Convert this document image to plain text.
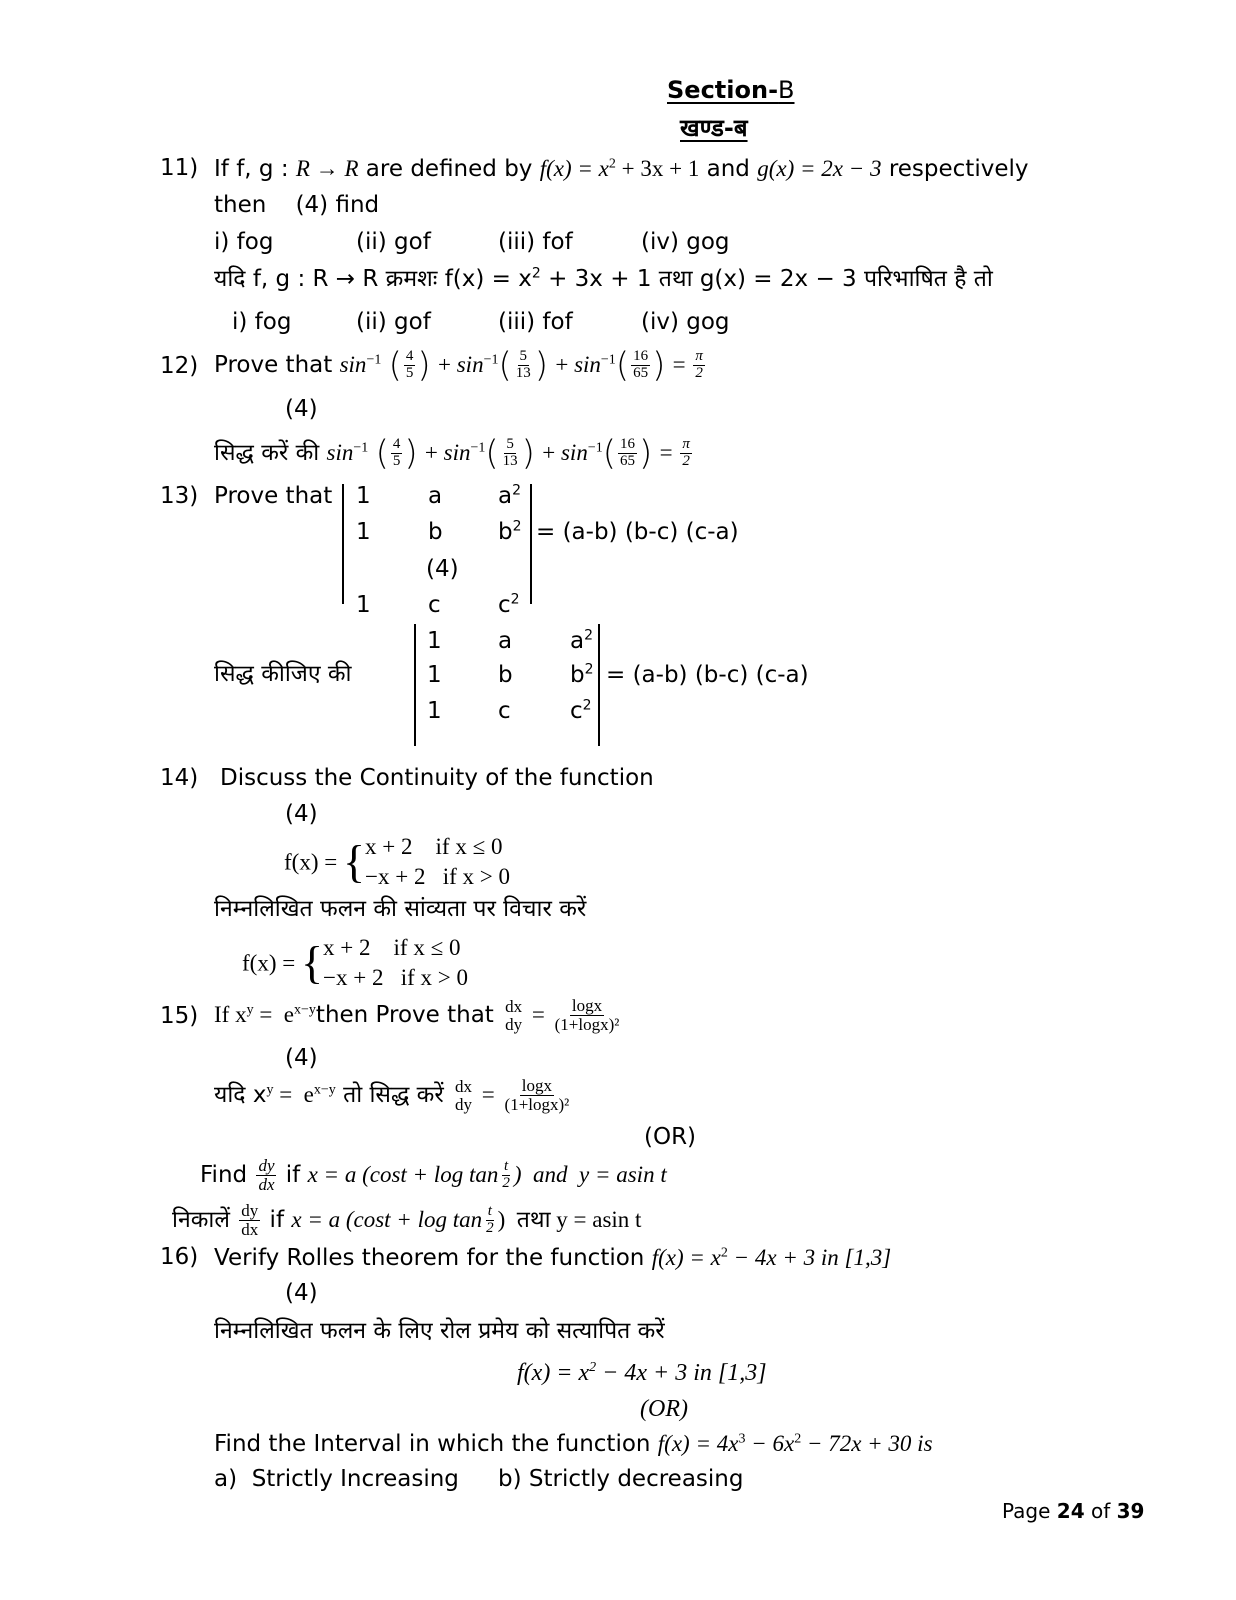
Section-B
खण्ड-ब
11) If f, g : R → R are defined by $f(x) = x^2 + 3x + 1$ and g(x) = 2x − 3 respectively
then    (4) find
i) fog	(ii) gof	(iii) fof	(iv) gog
यदि f, g : R → R क्रमशः $f(x) = x^2 + 3x + 1$ तथा g(x) = 2x − 3 परिभाषित है तो
i) fog	(ii) gof	(iii) fof	(iv) gog
12) Prove that $\sin^{-1}$ ( $\frac{4}{5}$ ) + $\sin^{-1}( \frac{5}{13}$ ) + $\sin^{-1}( \frac{16}{65}$ ) = $\frac{\pi}{2}$
(4)
सिद्ध करें की $\sin^{-1}$ ( $\frac{4}{5}$ ) + $\sin^{-1}( \frac{5}{13}$ ) + $\sin^{-1}( \frac{16}{65}$ ) = $\frac{\pi}{2}$
13) Prove that 1 a $a^2$
1 b $b^2 = (a-b)$ (b-c) (c-a)
(4)
1 c $c^2$
सिद्ध कीजिए की
1 a	$a^2$
1 b $b^2 = (a-b)$ (b-c) (c-a)
1 c	$c^2$
14) Discuss the Continuity of the function
(4)
f(x) = { x + 2    if x ≤ 0
−x + 2   if x > 0
निम्नलिखित फलन की सांव्यता पर विचार करें
f(x) = { x + 2    if x ≤ 0
−x + 2   if x > 0
15) If $x^y$ =  $e^{x-y}then$ Prove that dx
dy = $\frac{\log x}{\text{(1+logx)²}}$
(4)
यदि $x^y = e^{x-y}$ तो सिद्ध करें dx
dy = $\frac{\log x}{\text{(1+logx)²}}$
(OR)
Find $\frac{dy}{dx}$ if x = a ($\cos t + \log \tan \frac{t}{2}$ )  and  y = asin t
निकालें $\frac{dy}{dx}$ if x = a ($\cos t + \log \tan \frac{t}{2}$ )  तथा y = asin t
16) Verify Rolles theorem for the function $f(x) = x^2 - 4x + 3$ in [1,3]
(4)
निम्नलिखित फलन के लिए रोल प्रमेय को सत्यापित करें
$f(x) = x^2 - 4x + 3$ in [1,3]
(OR)
Find the Interval in which the function $f(x) = 4x^3 - 6x^2 - 72x + 30$ is
a)  Strictly Increasing b) Strictly decreasing
Page 24 of 39
